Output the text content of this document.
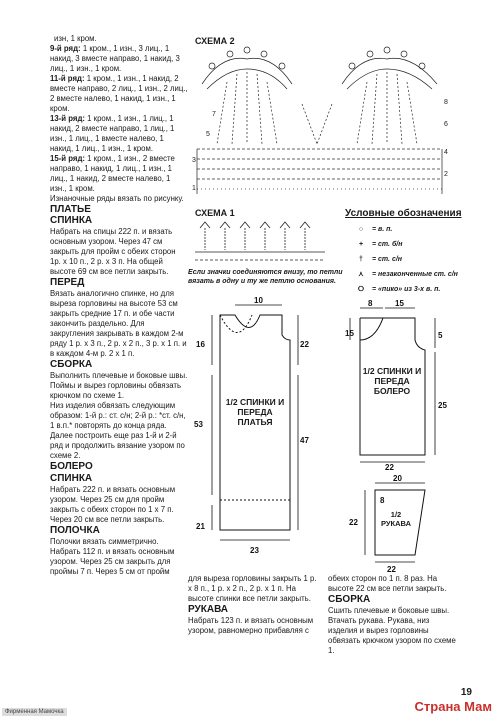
изн, 1 кром.

9-й ряд: 1 кром., 1 изн., 3 лиц., 1 накид, 3 вместе направо, 1 накид, 3 лиц., 1 изн., 1 кром.

11-й ряд: 1 кром., 1 изн., 1 накид, 2 вместе направо, 2 лиц., 1 изн., 2 лиц., 2 вместе налево, 1 накид, 1 изн., 1 кром.

13-й ряд: 1 кром., 1 изн., 1 лиц., 1 накид, 2 вместе направо, 1 лиц., 1 изн., 1 лиц., 1 вместе налево, 1 накид, 1 лиц., 1 изн., 1 кром.

15-й ряд: 1 кром., 1 изн., 2 вместе направо, 1 накид, 1 лиц., 1 изн., 1 лиц., 1 накид, 2 вместе налево, 1 изн., 1 кром.

Изнаночные ряды вязать по рисунку.

ПЛАТЬЕ

СПИНКА

Набрать на спицы 222 п. и вязать основным узором. Через 47 см закрыть для пройм с обеих сторон 1р. х 10 п., 2 р. х 3 п. На общей высоте 69 см все петли закрыть.

ПЕРЕД

Вязать аналогично спинке, но для выреза горловины на высоте 53 см закрыть средние 17 п. и обе части закончить раздельно. Для закругления закрывать в каждом 2-м ряду 1 р. х 3 п., 2 р. х 2 п., 3 р. х 1 п. и в каждом 4-м р. 2 х 1 п.

СБОРКА

Выполнить плечевые и боковые швы. Поймы и вырез горловины обвязать крючком по схеме 1.

Низ изделия обвязать следующим образом: 1-й р.: ст. с/н; 2-й р.: *ст. с/н, 1 в.п.* повторять до конца ряда. Далее построить еще раз 1-й и 2-й ряд и продолжить вязание узором по схеме 2.

БОЛЕРО

СПИНКА

Набрать 222 п. и вязать основным узором. Через 25 см для пройм закрыть с обеих сторон по 1 х 7 п. Через 20 см все петли закрыть.

ПОЛОЧКА

Полочки вязать симметрично. Набрать 112 п. и вязать основным узором. Через 25 см закрыть для проймы 7 п. Через 5 см от пройм

СХЕМА 2
7
5
3
1
8
6
4
2
СХЕМА 1	Условные обозначения
○ = в. п.
+ = ст. б/н
† = ст. с/н
⋏ = незаконченные ст. с/н
ⵔ = «пико» из 3-х в. п.
Если значки соединяются внизу, то петли вязать в одну и ту же петлю основания.
10
16	22
53
47
21
23
1/2 СПИНКИ И ПЕРЕДА ПЛАТЬЯ
8	15
15	5
25
22
1/2 СПИНКИ И ПЕРЕДА БОЛЕРО
20
8
22
22
1/2 РУКАВА

для выреза горловины закрыть 1 р. х 8 п., 1 р. х 2 п., 2 р. х 1 п. На высоте спинки все петли закрыть.

РУКАВА

Набрать 123 п. и вязать основным узором, равномерно прибавляя с

обеих сторон по 1 п. 8 раз. На высоте 22 см все петли закрыть.

СБОРКА

Сшить плечевые и боковые швы. Втачать рукава. Рукава, низ изделия и вырез горловины обвязать крючком узором по схеме 1.

19
Страна Мам
Фирменная Мамочка
